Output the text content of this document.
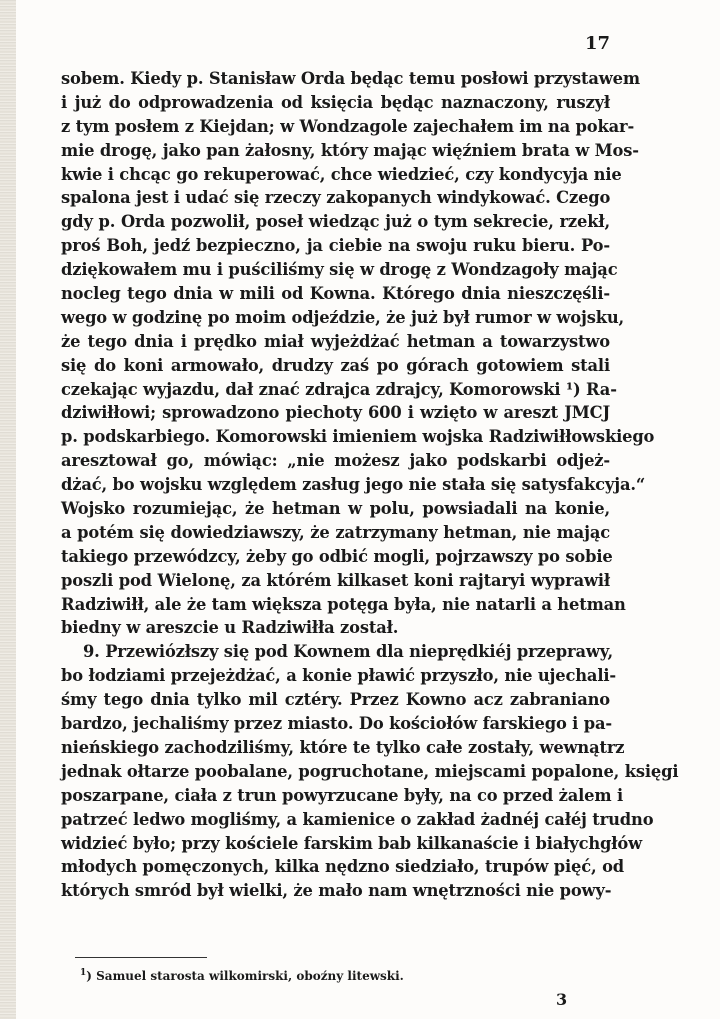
17
sobem. Kiedy p. Stanisław Orda będąc temu posłowi przystawem
i już do odprowadzenia od księcia będąc naznaczony, ruszył
z tym posłem z Kiejdan; w Wondzagole zajechałem im na pokar-
mie drogę, jako pan żałosny, który mając więźniem brata w Mos-
kwie i chcąc go rekuperować, chce wiedzieć, czy kondycyja nie
spalona jest i udać się rzeczy zakopanych windykować. Czego
gdy p. Orda pozwolił, poseł wiedząc już o tym sekrecie, rzekł,
proś Boh, jedź bezpieczno, ja ciebie na swoju ruku bieru. Po-
dziękowałem mu i puściliśmy się w drogę z Wondzagoły mając
nocleg tego dnia w mili od Kowna. Którego dnia nieszczęśli-
wego w godzinę po moim odjeździe, że już był rumor w wojsku,
że tego dnia i prędko miał wyjeżdżać hetman a towarzystwo
się do koni armowało, drudzy zaś po górach gotowiem stali
czekając wyjazdu, dał znać zdrajca zdrajcy, Komorowski ¹) Ra-
dziwiłłowi; sprowadzono piechoty 600 i wzięto w areszt JMCJ
p. podskarbiego. Komorowski imieniem wojska Radziwiłłowskiego
aresztował go, mówiąc: „nie możesz jako podskarbi odjeż-
dżać, bo wojsku względem zasług jego nie stała się satysfakcyja.“
Wojsko rozumiejąc, że hetman w polu, powsiadali na konie,
a potém się dowiedziawszy, że zatrzymany hetman, nie mając
takiego przewódzcy, żeby go odbić mogli, pojrzawszy po sobie
poszli pod Wielonę, za którém kilkaset koni rajtaryi wyprawił
Radziwiłł, ale że tam większa potęga była, nie natarli a hetman
biedny w areszcie u Radziwiłła został.
9. Przewiózłszy się pod Kownem dla nieprędkiéj przeprawy,
bo łodziami przejeżdżać, a konie pławić przyszło, nie ujechali-
śmy tego dnia tylko mil cztéry. Przez Kowno acz zabraniano
bardzo, jechaliśmy przez miasto. Do kościołów farskiego i pa-
nieńskiego zachodziliśmy, które te tylko całe zostały, wewnątrz
jednak ołtarze poobalane, pogruchotane, miejscami popalone, księgi
poszarpane, ciała z trun powyrzucane były, na co przed żalem i
patrzeć ledwo mogliśmy, a kamienice o zakład żadnéj całéj trudno
widzieć było; przy kościele farskim bab kilkanaście i białychgłów
młodych pomęczonych, kilka nędzno siedziało, trupów pięć, od
których smród był wielki, że mało nam wnętrzności nie powy-
$^1$) Samuel starosta wilkomirski, oboźny litewski.
3
